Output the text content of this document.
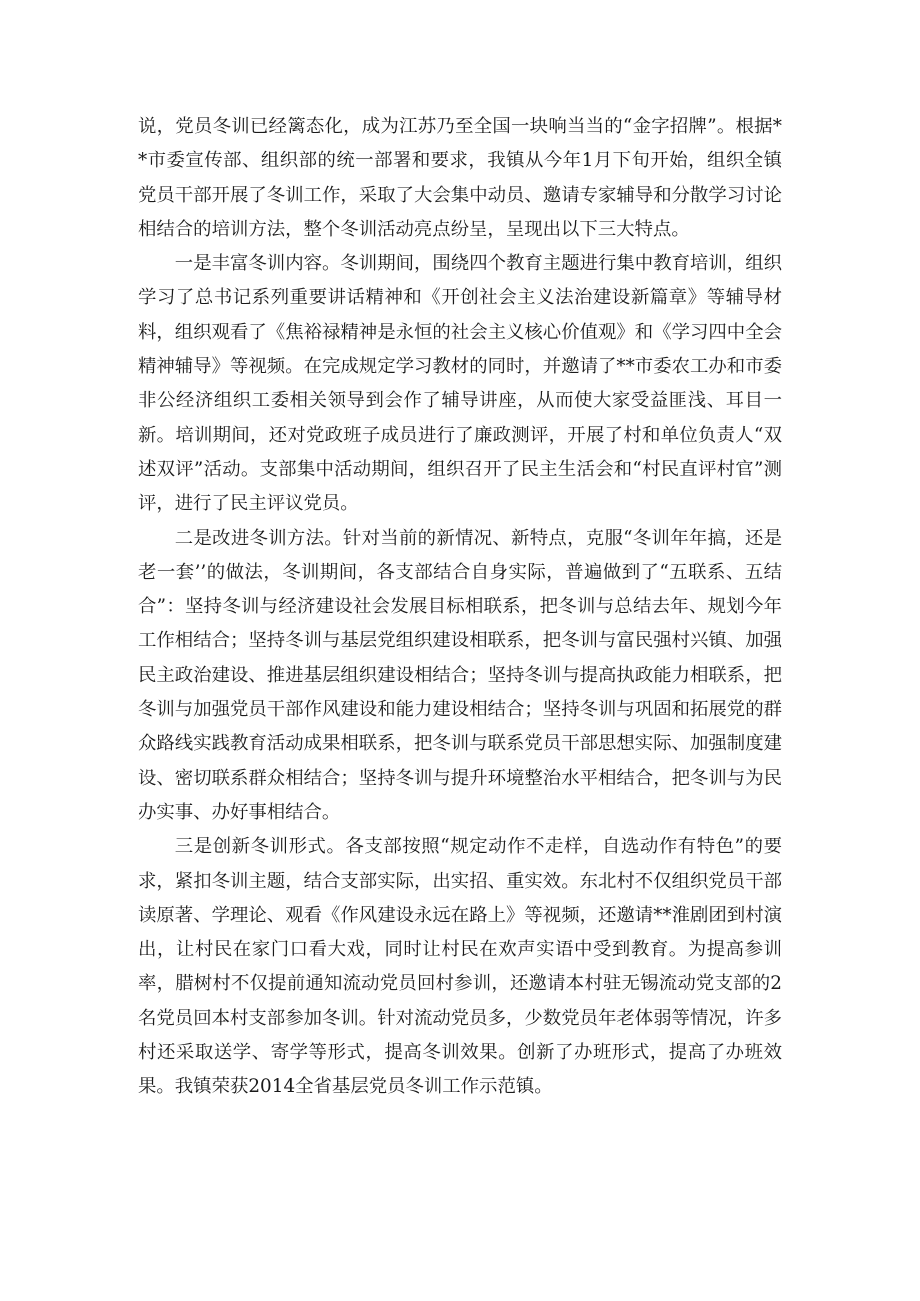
说，党员冬训已经篱态化，成为江苏乃至全国一块响当当的“金字招牌”。根据**市委宣传部、组织部的统一部署和要求，我镇从今年1月下旬开始，组织全镇党员干部开展了冬训工作，采取了大会集中动员、邀请专家辅导和分散学习讨论相结合的培训方法，整个冬训活动亮点纷呈，呈现出以下三大特点。

一是丰富冬训内容。冬训期间，围绕四个教育主题进行集中教育培训，组织学习了总书记系列重要讲话精神和《开创社会主义法治建设新篇章》等辅导材料，组织观看了《焦裕禄精神是永恒的社会主义核心价值观》和《学习四中全会精神辅导》等视频。在完成规定学习教材的同时，并邀请了**市委农工办和市委非公经济组织工委相关领导到会作了辅导讲座，从而使大家受益匪浅、耳目一新。培训期间，还对党政班子成员进行了廉政测评，开展了村和单位负责人“双述双评”活动。支部集中活动期间，组织召开了民主生活会和“村民直评村官”测评，进行了民主评议党员。

二是改进冬训方法。针对当前的新情况、新特点，克服“冬训年年搞，还是老一套’’的做法，冬训期间，各支部结合自身实际，普遍做到了“五联系、五结合”：坚持冬训与经济建设社会发展目标相联系，把冬训与总结去年、规划今年工作相结合；坚持冬训与基层党组织建设相联系，把冬训与富民强村兴镇、加强民主政治建设、推进基层组织建设相结合；坚持冬训与提高执政能力相联系，把冬训与加强党员干部作风建设和能力建设相结合；坚持冬训与巩固和拓展党的群众路线实践教育活动成果相联系，把冬训与联系党员干部思想实际、加强制度建设、密切联系群众相结合；坚持冬训与提升环境整治水平相结合，把冬训与为民办实事、办好事相结合。

三是创新冬训形式。各支部按照“规定动作不走样，自选动作有特色”的要求，紧扣冬训主题，结合支部实际，出实招、重实效。东北村不仅组织党员干部读原著、学理论、观看《作风建设永远在路上》等视频，还邀请**淮剧团到村演出，让村民在家门口看大戏，同时让村民在欢声实语中受到教育。为提高参训率，腊树村不仅提前通知流动党员回村参训，还邀请本村驻无锡流动党支部的2名党员回本村支部参加冬训。针对流动党员多，少数党员年老体弱等情况，许多村还采取送学、寄学等形式，提高冬训效果。创新了办班形式，提高了办班效果。我镇荣获2014全省基层党员冬训工作示范镇。
